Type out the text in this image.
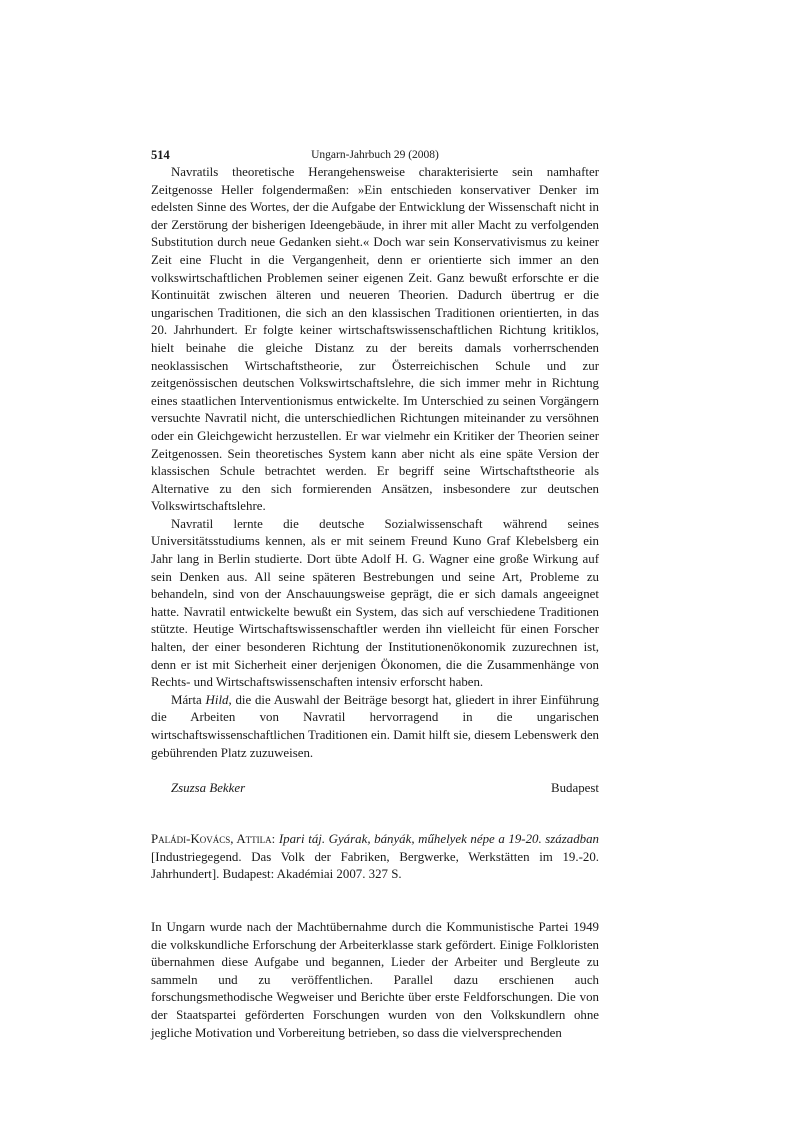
514	Ungarn-Jahrbuch 29 (2008)

Navratils theoretische Herangehensweise charakterisierte sein namhafter Zeitgenosse Heller folgendermaßen: »Ein entschieden konservativer Denker im edelsten Sinne des Wortes, der die Aufgabe der Entwicklung der Wissenschaft nicht in der Zerstörung der bisherigen Ideengebäude, in ihrer mit aller Macht zu verfolgenden Substitution durch neue Gedanken sieht.« Doch war sein Konservativismus zu keiner Zeit eine Flucht in die Vergangenheit, denn er orientierte sich immer an den volkswirtschaftlichen Problemen seiner eigenen Zeit. Ganz bewußt erforschte er die Kontinuität zwischen älteren und neueren Theorien. Dadurch übertrug er die ungarischen Traditionen, die sich an den klassischen Traditionen orientierten, in das 20. Jahrhundert. Er folgte keiner wirtschaftswissenschaftlichen Richtung kritiklos, hielt beinahe die gleiche Distanz zu der bereits damals vorherrschenden neoklassischen Wirtschaftstheorie, zur Österreichischen Schule und zur zeitgenössischen deutschen Volkswirtschaftslehre, die sich immer mehr in Richtung eines staatlichen Interventionismus entwickelte. Im Unterschied zu seinen Vorgängern versuchte Navratil nicht, die unterschiedlichen Richtungen miteinander zu versöhnen oder ein Gleichgewicht herzustellen. Er war vielmehr ein Kritiker der Theorien seiner Zeitgenossen. Sein theoretisches System kann aber nicht als eine späte Version der klassischen Schule betrachtet werden. Er begriff seine Wirtschaftstheorie als Alternative zu den sich formierenden Ansätzen, insbesondere zur deutschen Volkswirtschaftslehre.

Navratil lernte die deutsche Sozialwissenschaft während seines Universitätsstudiums kennen, als er mit seinem Freund Kuno Graf Klebelsberg ein Jahr lang in Berlin studierte. Dort übte Adolf H. G. Wagner eine große Wirkung auf sein Denken aus. All seine späteren Bestrebungen und seine Art, Probleme zu behandeln, sind von der Anschauungsweise geprägt, die er sich damals angeeignet hatte. Navratil entwickelte bewußt ein System, das sich auf verschiedene Traditionen stützte. Heutige Wirtschaftswissenschaftler werden ihn vielleicht für einen Forscher halten, der einer besonderen Richtung der Institutionenökonomik zuzurechnen ist, denn er ist mit Sicherheit einer derjenigen Ökonomen, die die Zusammenhänge von Rechts- und Wirtschaftswissenschaften intensiv erforscht haben.

Márta Hild, die die Auswahl der Beiträge besorgt hat, gliedert in ihrer Einführung die Arbeiten von Navratil hervorragend in die ungarischen wirtschaftswissenschaftlichen Traditionen ein. Damit hilft sie, diesem Lebenswerk den gebührenden Platz zuzuweisen.

Zsuzsa Bekker	Budapest
Paládi-Kovács, Attila: Ipari táj. Gyárak, bányák, műhelyek népe a 19-20. században [Industriegegend. Das Volk der Fabriken, Bergwerke, Werkstätten im 19.-20. Jahrhundert]. Budapest: Akadémiai 2007. 327 S.

In Ungarn wurde nach der Machtübernahme durch die Kommunistische Partei 1949 die volkskundliche Erforschung der Arbeiterklasse stark gefördert. Einige Folkloristen übernahmen diese Aufgabe und begannen, Lieder der Arbeiter und Bergleute zu sammeln und zu veröffentlichen. Parallel dazu erschienen auch forschungsmethodische Wegweiser und Berichte über erste Feldforschungen. Die von der Staatspartei geförderten Forschungen wurden von den Volkskundlern ohne jegliche Motivation und Vorbereitung betrieben, so dass die vielversprechenden
